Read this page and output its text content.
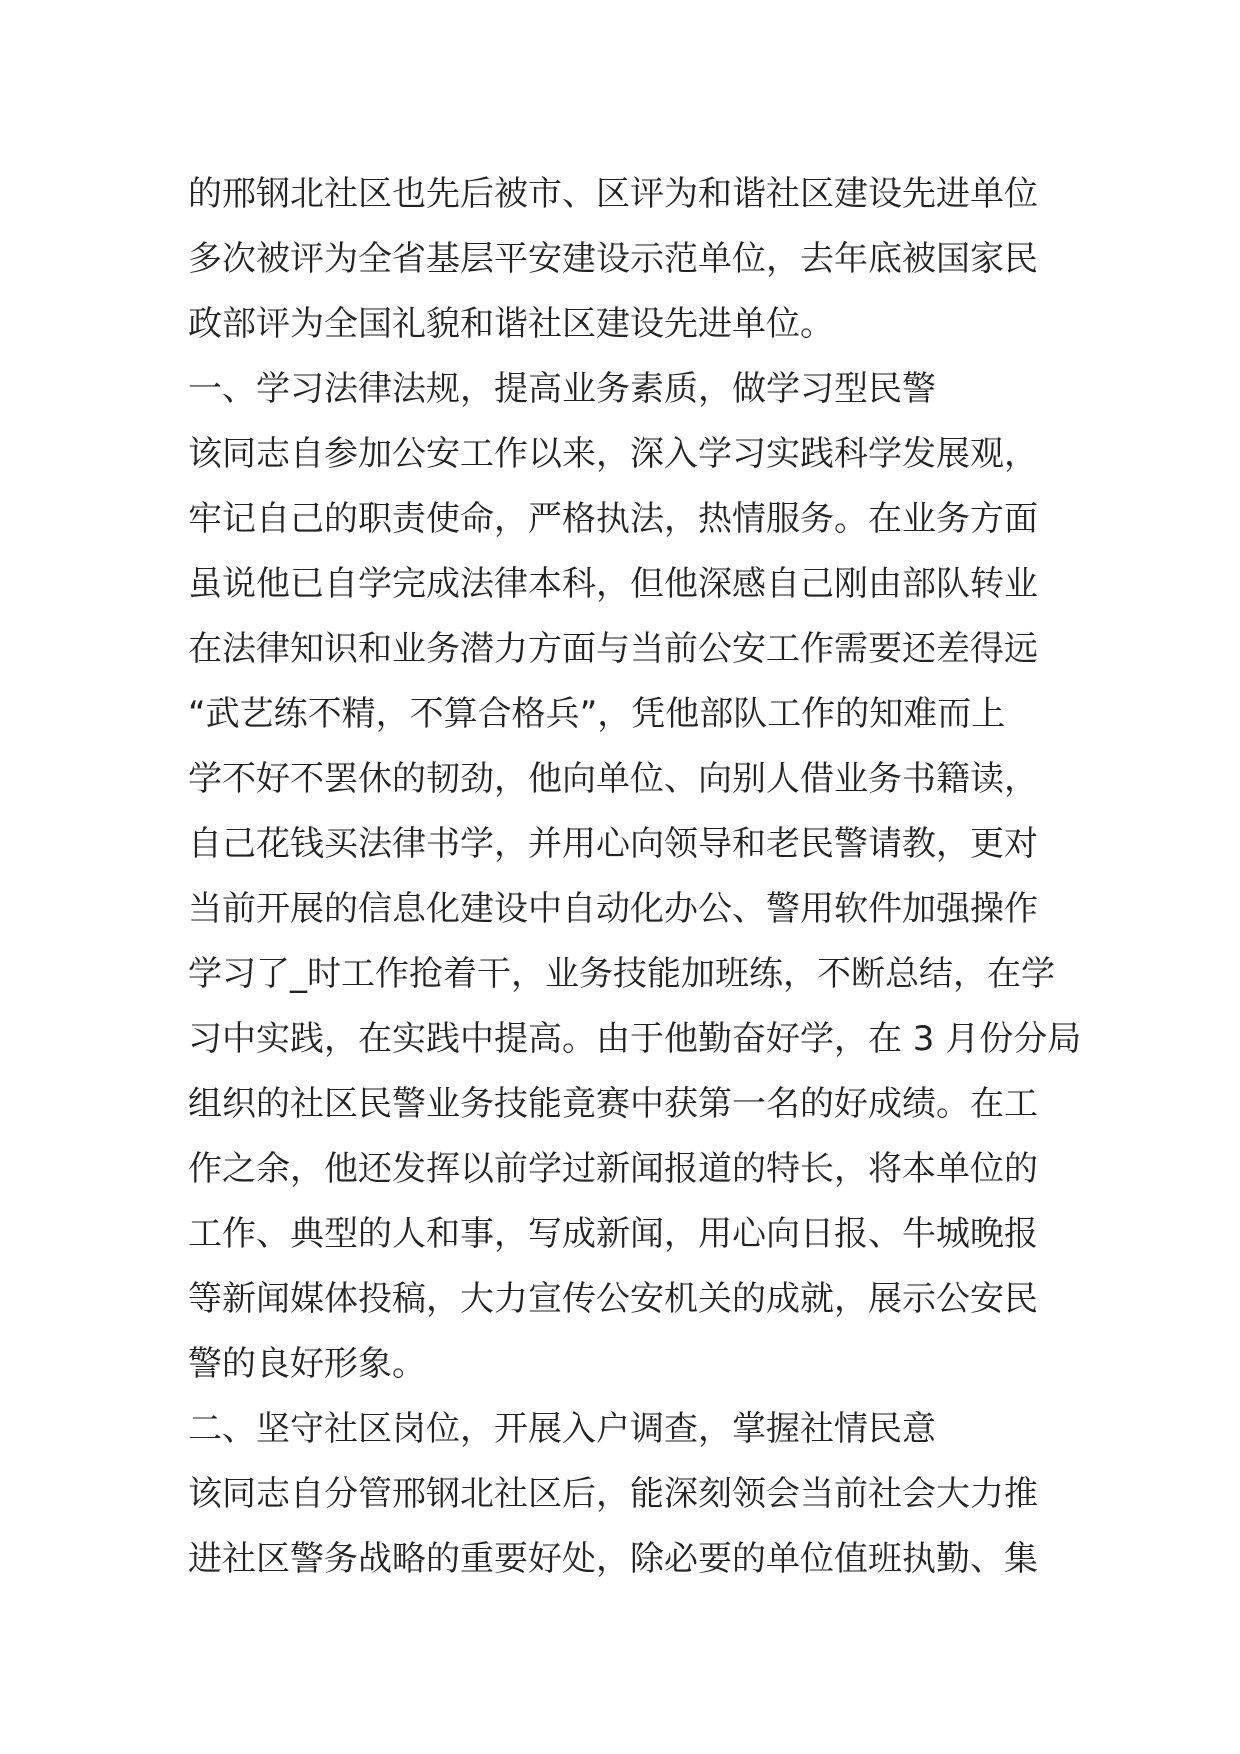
的邢钢北社区也先后被市、区评为和谐社区建设先进单位
多次被评为全省基层平安建设示范单位，去年底被国家民
政部评为全国礼貌和谐社区建设先进单位。
一、学习法律法规，提高业务素质，做学习型民警
该同志自参加公安工作以来，深入学习实践科学发展观，
牢记自己的职责使命，严格执法，热情服务。在业务方面
虽说他已自学完成法律本科，但他深感自己刚由部队转业
在法律知识和业务潜力方面与当前公安工作需要还差得远
“武艺练不精，不算合格兵”，凭他部队工作的知难而上
学不好不罢休的韧劲，他向单位、向别人借业务书籍读，
自己花钱买法律书学，并用心向领导和老民警请教，更对
当前开展的信息化建设中自动化办公、警用软件加强操作
学习了_时工作抢着干，业务技能加班练，不断总结，在学
习中实践，在实践中提高。由于他勤奋好学，在 3 月份分局
组织的社区民警业务技能竟赛中获第一名的好成绩。在工
作之余，他还发挥以前学过新闻报道的特长，将本单位的
工作、典型的人和事，写成新闻，用心向日报、牛城晚报
等新闻媒体投稿，大力宣传公安机关的成就，展示公安民
警的良好形象。
二、坚守社区岗位，开展入户调查，掌握社情民意
该同志自分管邢钢北社区后，能深刻领会当前社会大力推
进社区警务战略的重要好处，除必要的单位值班执勤、集
